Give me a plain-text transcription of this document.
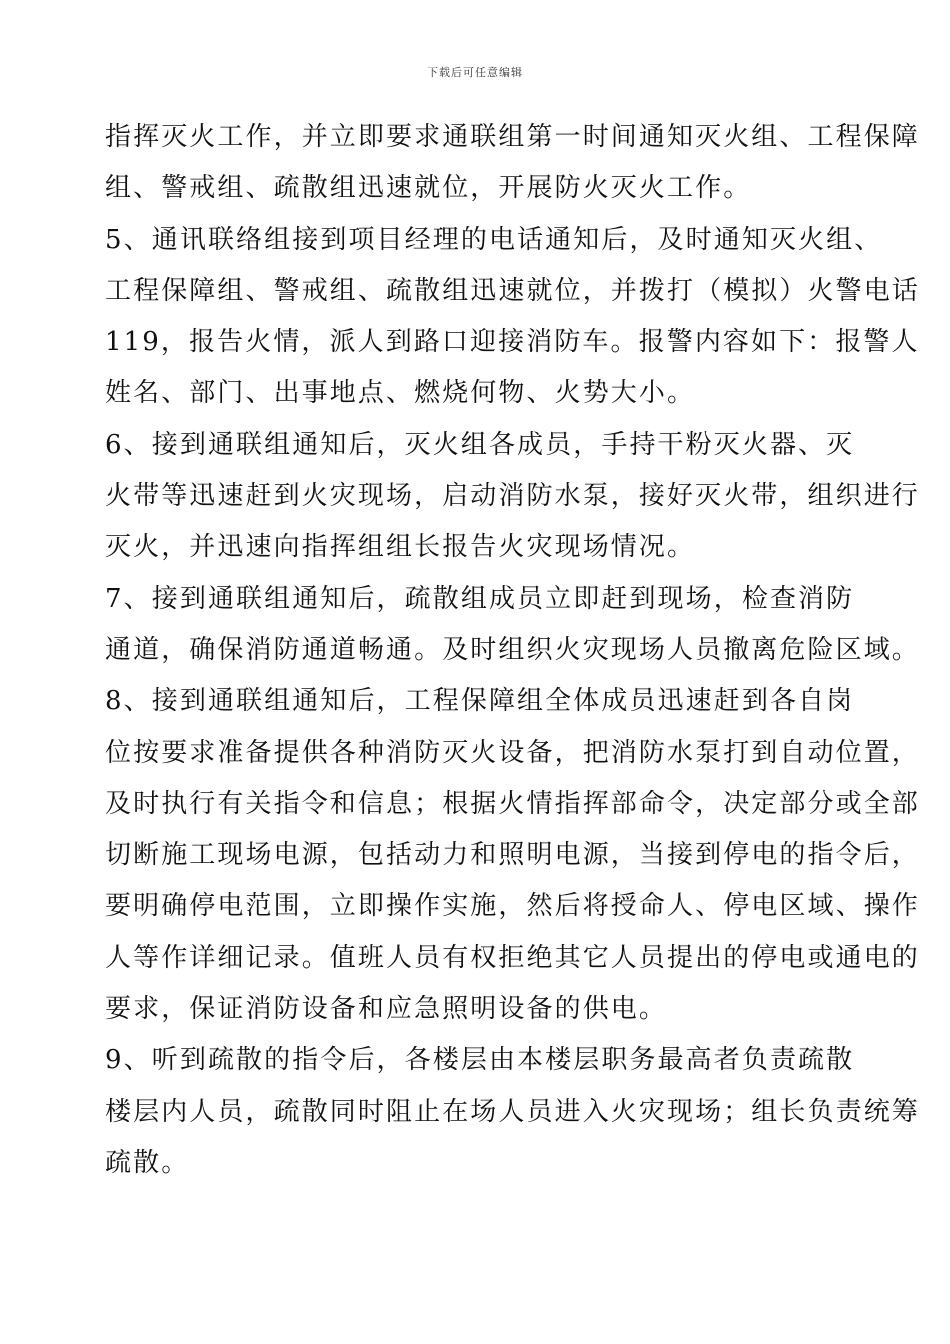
下载后可任意编辑
指挥灭火工作，并立即要求通联组第一时间通知灭火组、工程保障
组、警戒组、疏散组迅速就位，开展防火灭火工作。
5、通讯联络组接到项目经理的电话通知后，及时通知灭火组、
工程保障组、警戒组、疏散组迅速就位，并拨打（模拟）火警电话
119，报告火情，派人到路口迎接消防车。报警内容如下：报警人
姓名、部门、出事地点、燃烧何物、火势大小。
6、接到通联组通知后，灭火组各成员，手持干粉灭火器、灭
火带等迅速赶到火灾现场，启动消防水泵，接好灭火带，组织进行
灭火，并迅速向指挥组组长报告火灾现场情况。
7、接到通联组通知后，疏散组成员立即赶到现场，检查消防
通道，确保消防通道畅通。及时组织火灾现场人员撤离危险区域。
8、接到通联组通知后，工程保障组全体成员迅速赶到各自岗
位按要求准备提供各种消防灭火设备，把消防水泵打到自动位置，
及时执行有关指令和信息；根据火情指挥部命令，决定部分或全部
切断施工现场电源，包括动力和照明电源，当接到停电的指令后，
要明确停电范围，立即操作实施，然后将授命人、停电区域、操作
人等作详细记录。值班人员有权拒绝其它人员提出的停电或通电的
要求，保证消防设备和应急照明设备的供电。
9、听到疏散的指令后，各楼层由本楼层职务最高者负责疏散
楼层内人员，疏散同时阻止在场人员进入火灾现场；组长负责统筹
疏散。
